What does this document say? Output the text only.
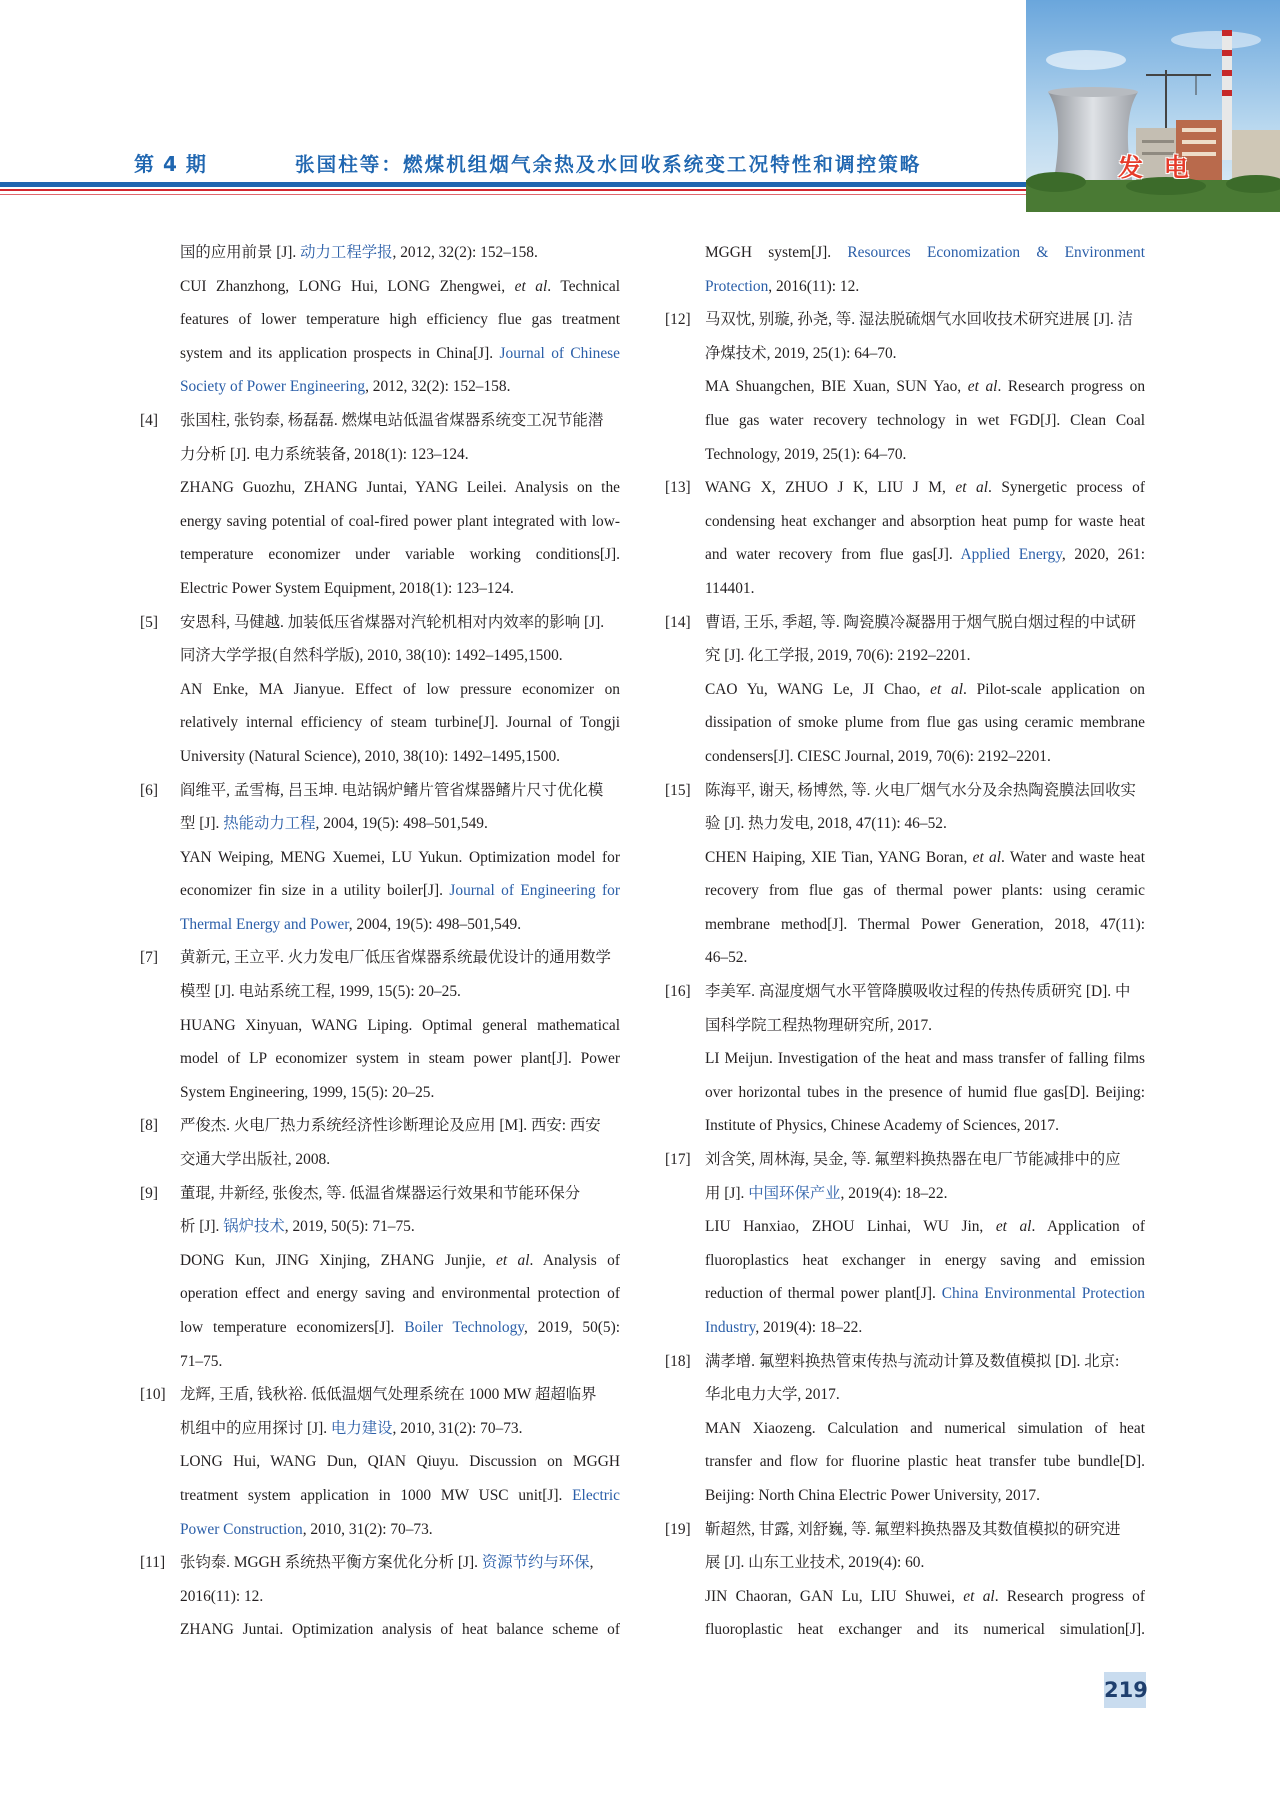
第 4 期	张国柱等：燃煤机组烟气余热及水回收系统变工况特性和调控策略	发 电
国的应用前景 [J]. 动力工程学报, 2012, 32(2): 152–158.
CUI Zhanzhong, LONG Hui, LONG Zhengwei, et al. Technical
features of lower temperature high efficiency flue gas treatment
system and its application prospects in China[J]. Journal of Chinese
Society of Power Engineering, 2012, 32(2): 152–158.
[4] 张国柱, 张钧泰, 杨磊磊. 燃煤电站低温省煤器系统变工况节能潜
力分析 [J]. 电力系统装备, 2018(1): 123–124.
ZHANG Guozhu, ZHANG Juntai, YANG Leilei. Analysis on the
energy saving potential of coal-fired power plant integrated with low-
temperature economizer under variable working conditions[J].
Electric Power System Equipment, 2018(1): 123–124.
[5] 安恩科, 马健越. 加装低压省煤器对汽轮机相对内效率的影响 [J].
同济大学学报(自然科学版), 2010, 38(10): 1492–1495,1500.
AN Enke, MA Jianyue. Effect of low pressure economizer on
relatively internal efficiency of steam turbine[J]. Journal of Tongji
University (Natural Science), 2010, 38(10): 1492–1495,1500.
[6] 阎维平, 孟雪梅, 吕玉坤. 电站锅炉鳍片管省煤器鳍片尺寸优化模
型 [J]. 热能动力工程, 2004, 19(5): 498–501,549.
YAN Weiping, MENG Xuemei, LU Yukun. Optimization model for
economizer fin size in a utility boiler[J]. Journal of Engineering for
Thermal Energy and Power, 2004, 19(5): 498–501,549.
[7] 黄新元, 王立平. 火力发电厂低压省煤器系统最优设计的通用数学
模型 [J]. 电站系统工程, 1999, 15(5): 20–25.
HUANG Xinyuan, WANG Liping. Optimal general mathematical
model of LP economizer system in steam power plant[J]. Power
System Engineering, 1999, 15(5): 20–25.
[8] 严俊杰. 火电厂热力系统经济性诊断理论及应用 [M]. 西安: 西安
交通大学出版社, 2008.
[9] 董琨, 井新经, 张俊杰, 等. 低温省煤器运行效果和节能环保分
析 [J]. 锅炉技术, 2019, 50(5): 71–75.
DONG Kun, JING Xinjing, ZHANG Junjie, et al. Analysis of
operation effect and energy saving and environmental protection of
low temperature economizers[J]. Boiler Technology, 2019, 50(5):
71–75.
[10] 龙辉, 王盾, 钱秋裕. 低低温烟气处理系统在 1000 MW 超超临界
机组中的应用探讨 [J]. 电力建设, 2010, 31(2): 70–73.
LONG Hui, WANG Dun, QIAN Qiuyu. Discussion on MGGH
treatment system application in 1000 MW USC unit[J]. Electric
Power Construction, 2010, 31(2): 70–73.
[11] 张钧泰. MGGH 系统热平衡方案优化分析 [J]. 资源节约与环保,
2016(11): 12.
ZHANG Juntai. Optimization analysis of heat balance scheme of
MGGH system[J]. Resources Economization & Environment
Protection, 2016(11): 12.
[12] 马双忱, 别璇, 孙尧, 等. 湿法脱硫烟气水回收技术研究进展 [J]. 洁
净煤技术, 2019, 25(1): 64–70.
MA Shuangchen, BIE Xuan, SUN Yao, et al. Research progress on
flue gas water recovery technology in wet FGD[J]. Clean Coal
Technology, 2019, 25(1): 64–70.
[13] WANG X, ZHUO J K, LIU J M, et al. Synergetic process of
condensing heat exchanger and absorption heat pump for waste heat
and water recovery from flue gas[J]. Applied Energy, 2020, 261:
114401.
[14] 曹语, 王乐, 季超, 等. 陶瓷膜冷凝器用于烟气脱白烟过程的中试研
究 [J]. 化工学报, 2019, 70(6): 2192–2201.
CAO Yu, WANG Le, JI Chao, et al. Pilot-scale application on
dissipation of smoke plume from flue gas using ceramic membrane
condensers[J]. CIESC Journal, 2019, 70(6): 2192–2201.
[15] 陈海平, 谢天, 杨博然, 等. 火电厂烟气水分及余热陶瓷膜法回收实
验 [J]. 热力发电, 2018, 47(11): 46–52.
CHEN Haiping, XIE Tian, YANG Boran, et al. Water and waste heat
recovery from flue gas of thermal power plants: using ceramic
membrane method[J]. Thermal Power Generation, 2018, 47(11):
46–52.
[16] 李美军. 高湿度烟气水平管降膜吸收过程的传热传质研究 [D]. 中
国科学院工程热物理研究所, 2017.
LI Meijun. Investigation of the heat and mass transfer of falling films
over horizontal tubes in the presence of humid flue gas[D]. Beijing:
Institute of Physics, Chinese Academy of Sciences, 2017.
[17] 刘含笑, 周林海, 吴金, 等. 氟塑料换热器在电厂节能减排中的应
用 [J]. 中国环保产业, 2019(4): 18–22.
LIU Hanxiao, ZHOU Linhai, WU Jin, et al. Application of
fluoroplastics heat exchanger in energy saving and emission
reduction of thermal power plant[J]. China Environmental Protection
Industry, 2019(4): 18–22.
[18] 满孝增. 氟塑料换热管束传热与流动计算及数值模拟 [D]. 北京:
华北电力大学, 2017.
MAN Xiaozeng. Calculation and numerical simulation of heat
transfer and flow for fluorine plastic heat transfer tube bundle[D].
Beijing: North China Electric Power University, 2017.
[19] 靳超然, 甘露, 刘舒巍, 等. 氟塑料换热器及其数值模拟的研究进
展 [J]. 山东工业技术, 2019(4): 60.
JIN Chaoran, GAN Lu, LIU Shuwei, et al. Research progress of
fluoroplastic heat exchanger and its numerical simulation[J].
219
